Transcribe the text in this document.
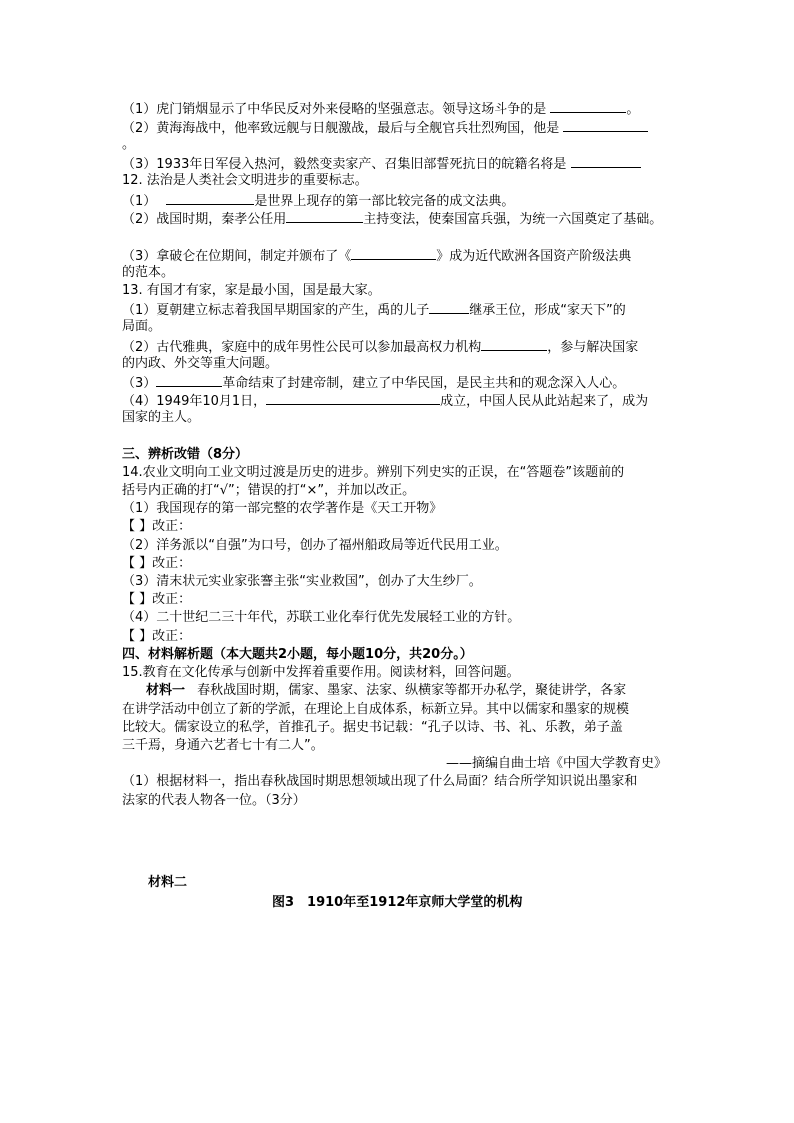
（1）虎门销烟显示了中华民反对外来侵略的坚强意志。领导这场斗争的是	。
（2）黄海海战中，他率致远舰与日舰激战，最后与全舰官兵壮烈殉国，他是
。
（3）1933年日军侵入热河，毅然变卖家产、召集旧部誓死抗日的皖籍名将是
12. 法治是人类社会文明进步的重要标志。
（1）	是世界上现存的第一部比较完备的成文法典。
（2）战国时期，秦孝公任用	主持变法，使秦国富兵强，为统一六国奠定了基础。
（3）拿破仑在位期间，制定并颁布了《	》成为近代欧洲各国资产阶级法典
的范本。
13. 有国才有家，家是最小国，国是最大家。
（1）夏朝建立标志着我国早期国家的产生，禹的儿子	继承王位，形成“家天下”的
局面。
（2）古代雅典，家庭中的成年男性公民可以参加最高权力机构	，参与解决国家
的内政、外交等重大问题。
（3）	革命结束了封建帝制，建立了中华民国，是民主共和的观念深入人心。
（4）1949年10月1日，	成立，中国人民从此站起来了，成为
国家的主人。
三、辨析改错（8分）
14.农业文明向工业文明过渡是历史的进步。辨别下列史实的正误，在“答题卷”该题前的
括号内正确的打“√”；错误的打“×”，并加以改正。
（1）我国现存的第一部完整的农学著作是《天工开物》
【 】改正：
（2）洋务派以“自强”为口号，创办了福州船政局等近代民用工业。
【 】改正：
（3）清末状元实业家张謇主张“实业救国”，创办了大生纱厂。
【 】改正：
（4）二十世纪二三十年代，苏联工业化奉行优先发展轻工业的方针。
【 】改正：
四、材料解析题（本大题共2小题，每小题10分，共20分。）
15.教育在文化传承与创新中发挥着重要作用。阅读材料，回答问题。
材料一 春秋战国时期，儒家、墨家、法家、纵横家等都开办私学，聚徒讲学，各家
在讲学活动中创立了新的学派，在理论上自成体系，标新立异。其中以儒家和墨家的规模
比较大。儒家设立的私学，首推孔子。据史书记载：“孔子以诗、书、礼、乐教，弟子盖
三千焉，身通六艺者七十有二人”。
——摘编自曲士培《中国大学教育史》
（1）根据材料一，指出春秋战国时期思想领域出现了什么局面？结合所学知识说出墨家和
法家的代表人物各一位。（3分）
材料二
图3　1910年至1912年京师大学堂的机构
